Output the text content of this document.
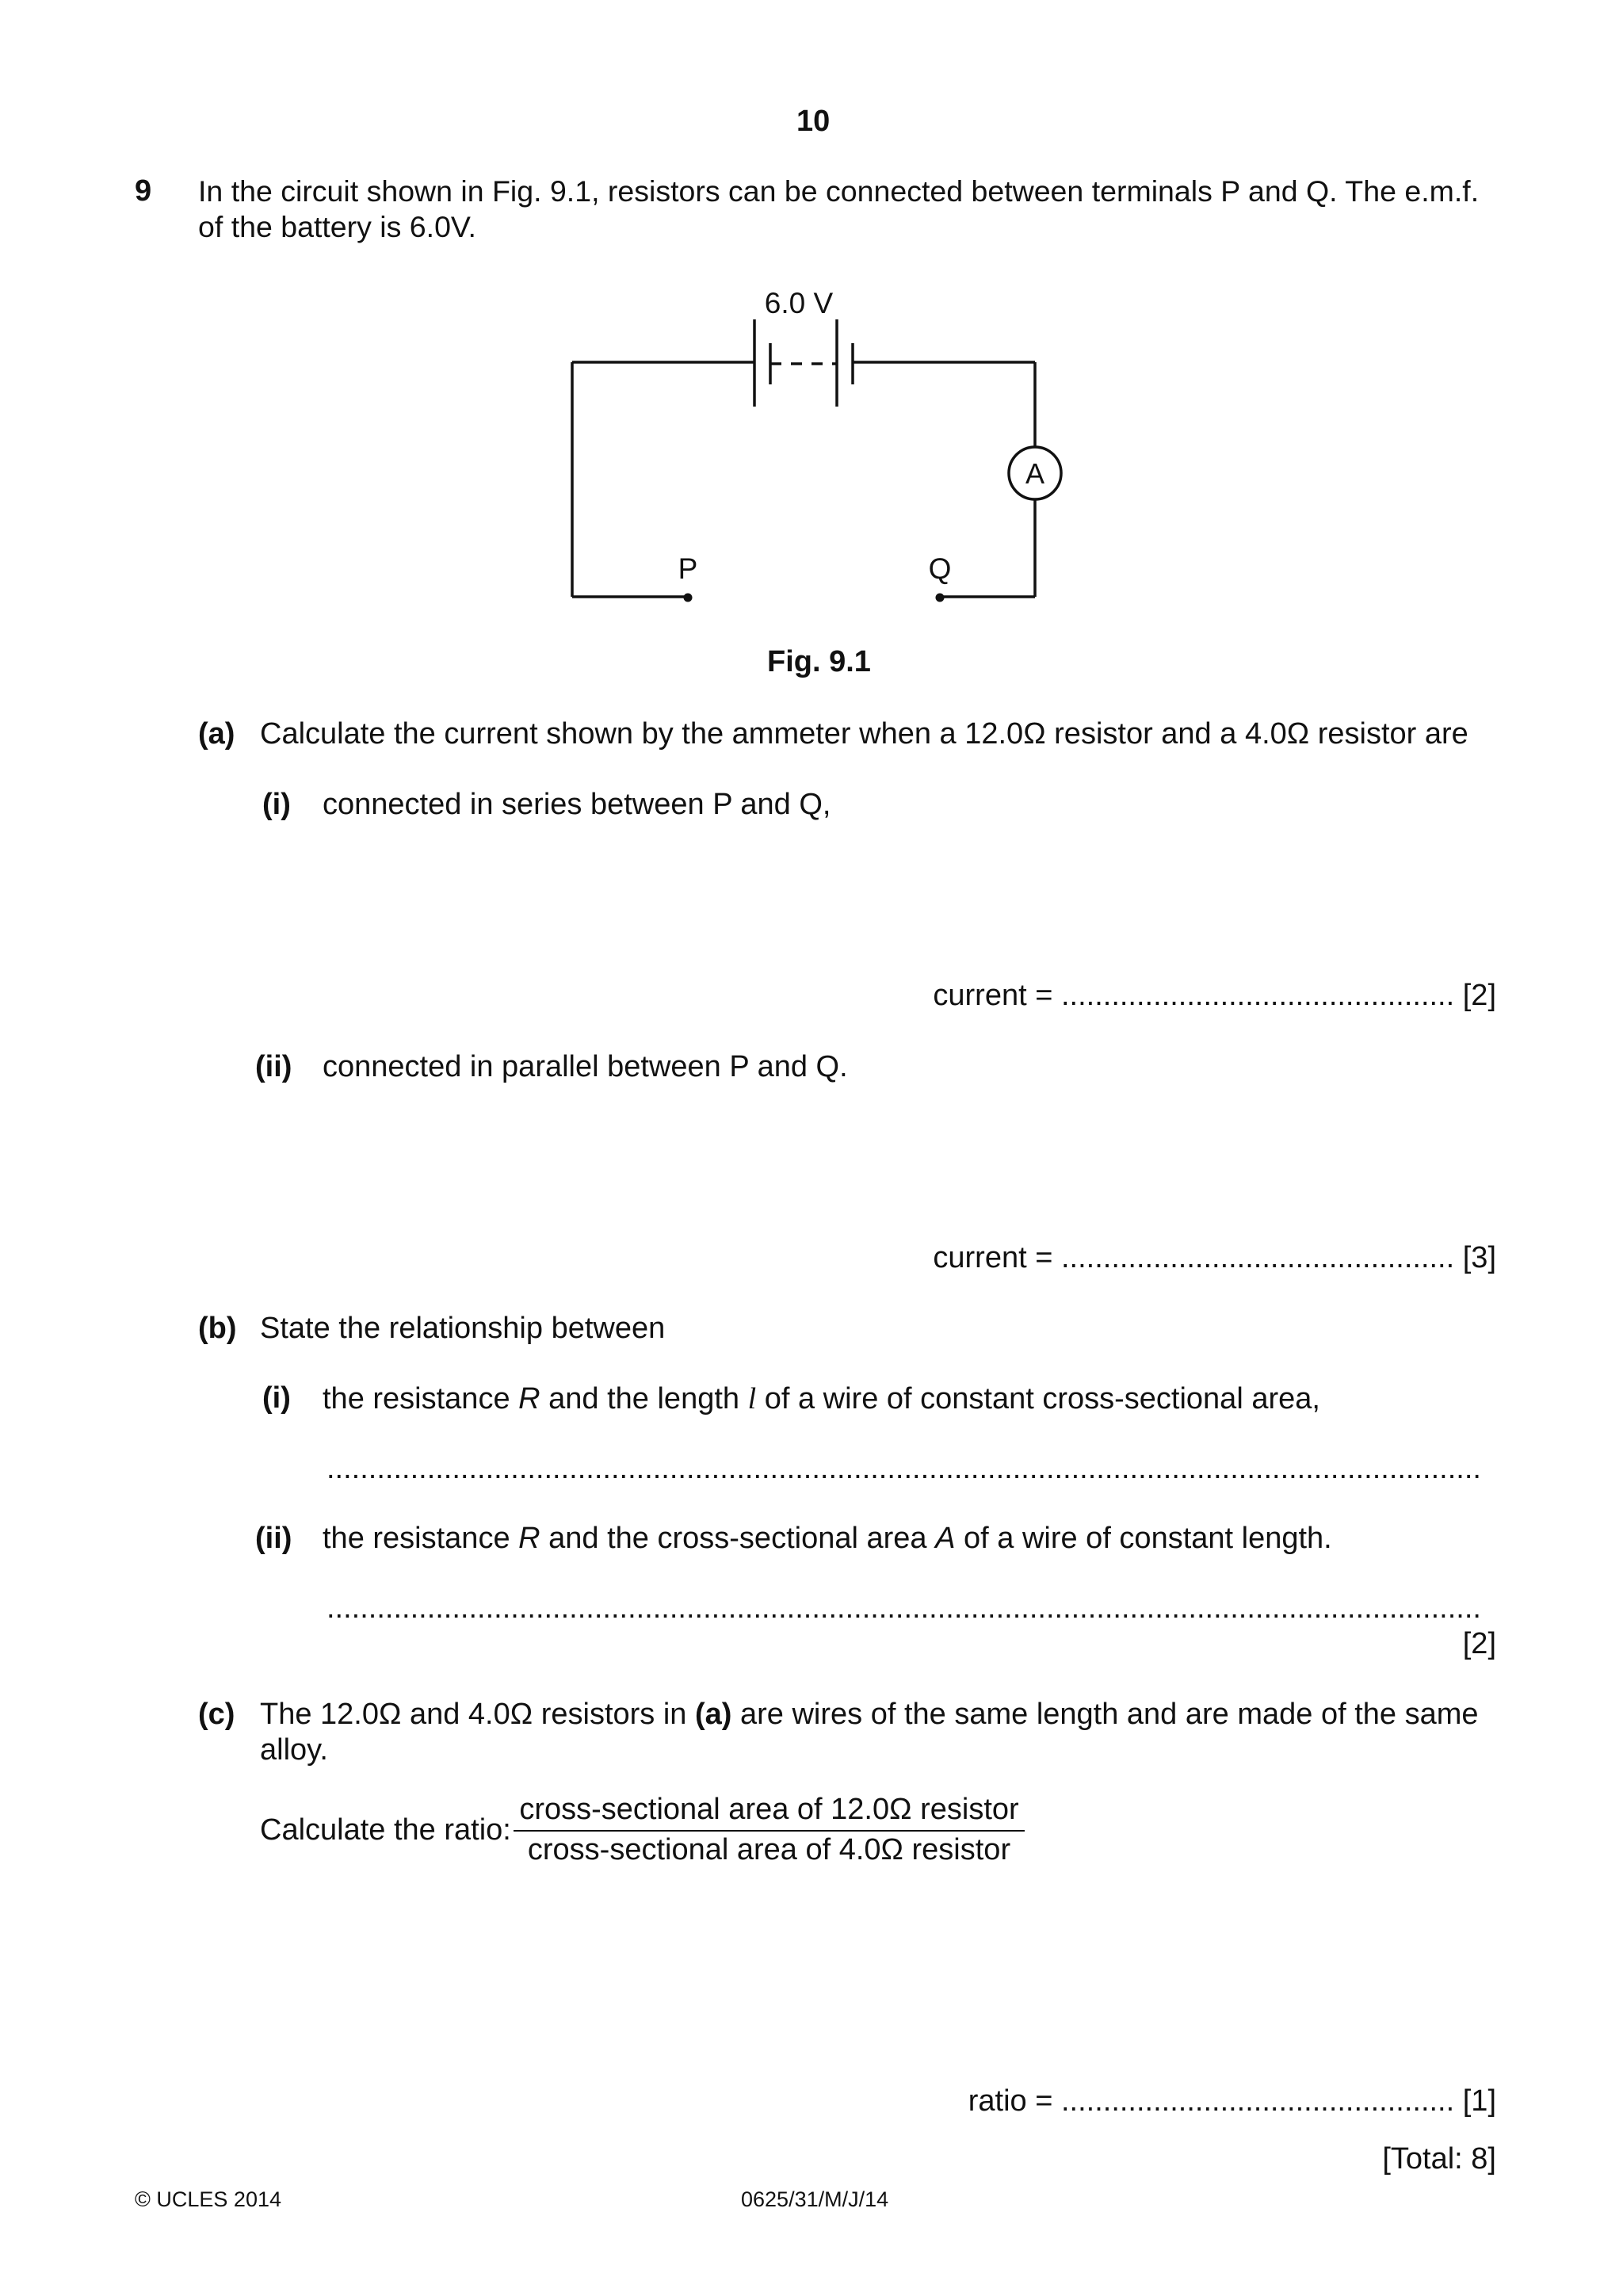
10
9 In the circuit shown in Fig. 9.1, resistors can be connected between terminals P and Q. The e.m.f.
of the battery is 6.0V.
6.0 V
A
P	Q
Fig. 9.1
(a) Calculate the current shown by the ammeter when a 12.0Ω resistor and a 4.0Ω resistor are
(i) connected in series between P and Q,
current = ............................................... [2]
(ii) connected in parallel between P and Q.
current = ............................................... [3]
(b) State the relationship between
(i) the resistance R and the length l of a wire of constant cross-sectional area,
..........................................................................................................................................
(ii) the resistance R and the cross-sectional area A of a wire of constant length.
..........................................................................................................................................
[2]
(c) The 12.0Ω and 4.0Ω resistors in (a) are wires of the same length and are made of the same
alloy.
Calculate the ratio:
cross-sectional area of 12.0Ω resistor
cross-sectional area of 4.0Ω resistor
ratio = ............................................... [1]
[Total: 8]
© UCLES 2014	0625/31/M/J/14
